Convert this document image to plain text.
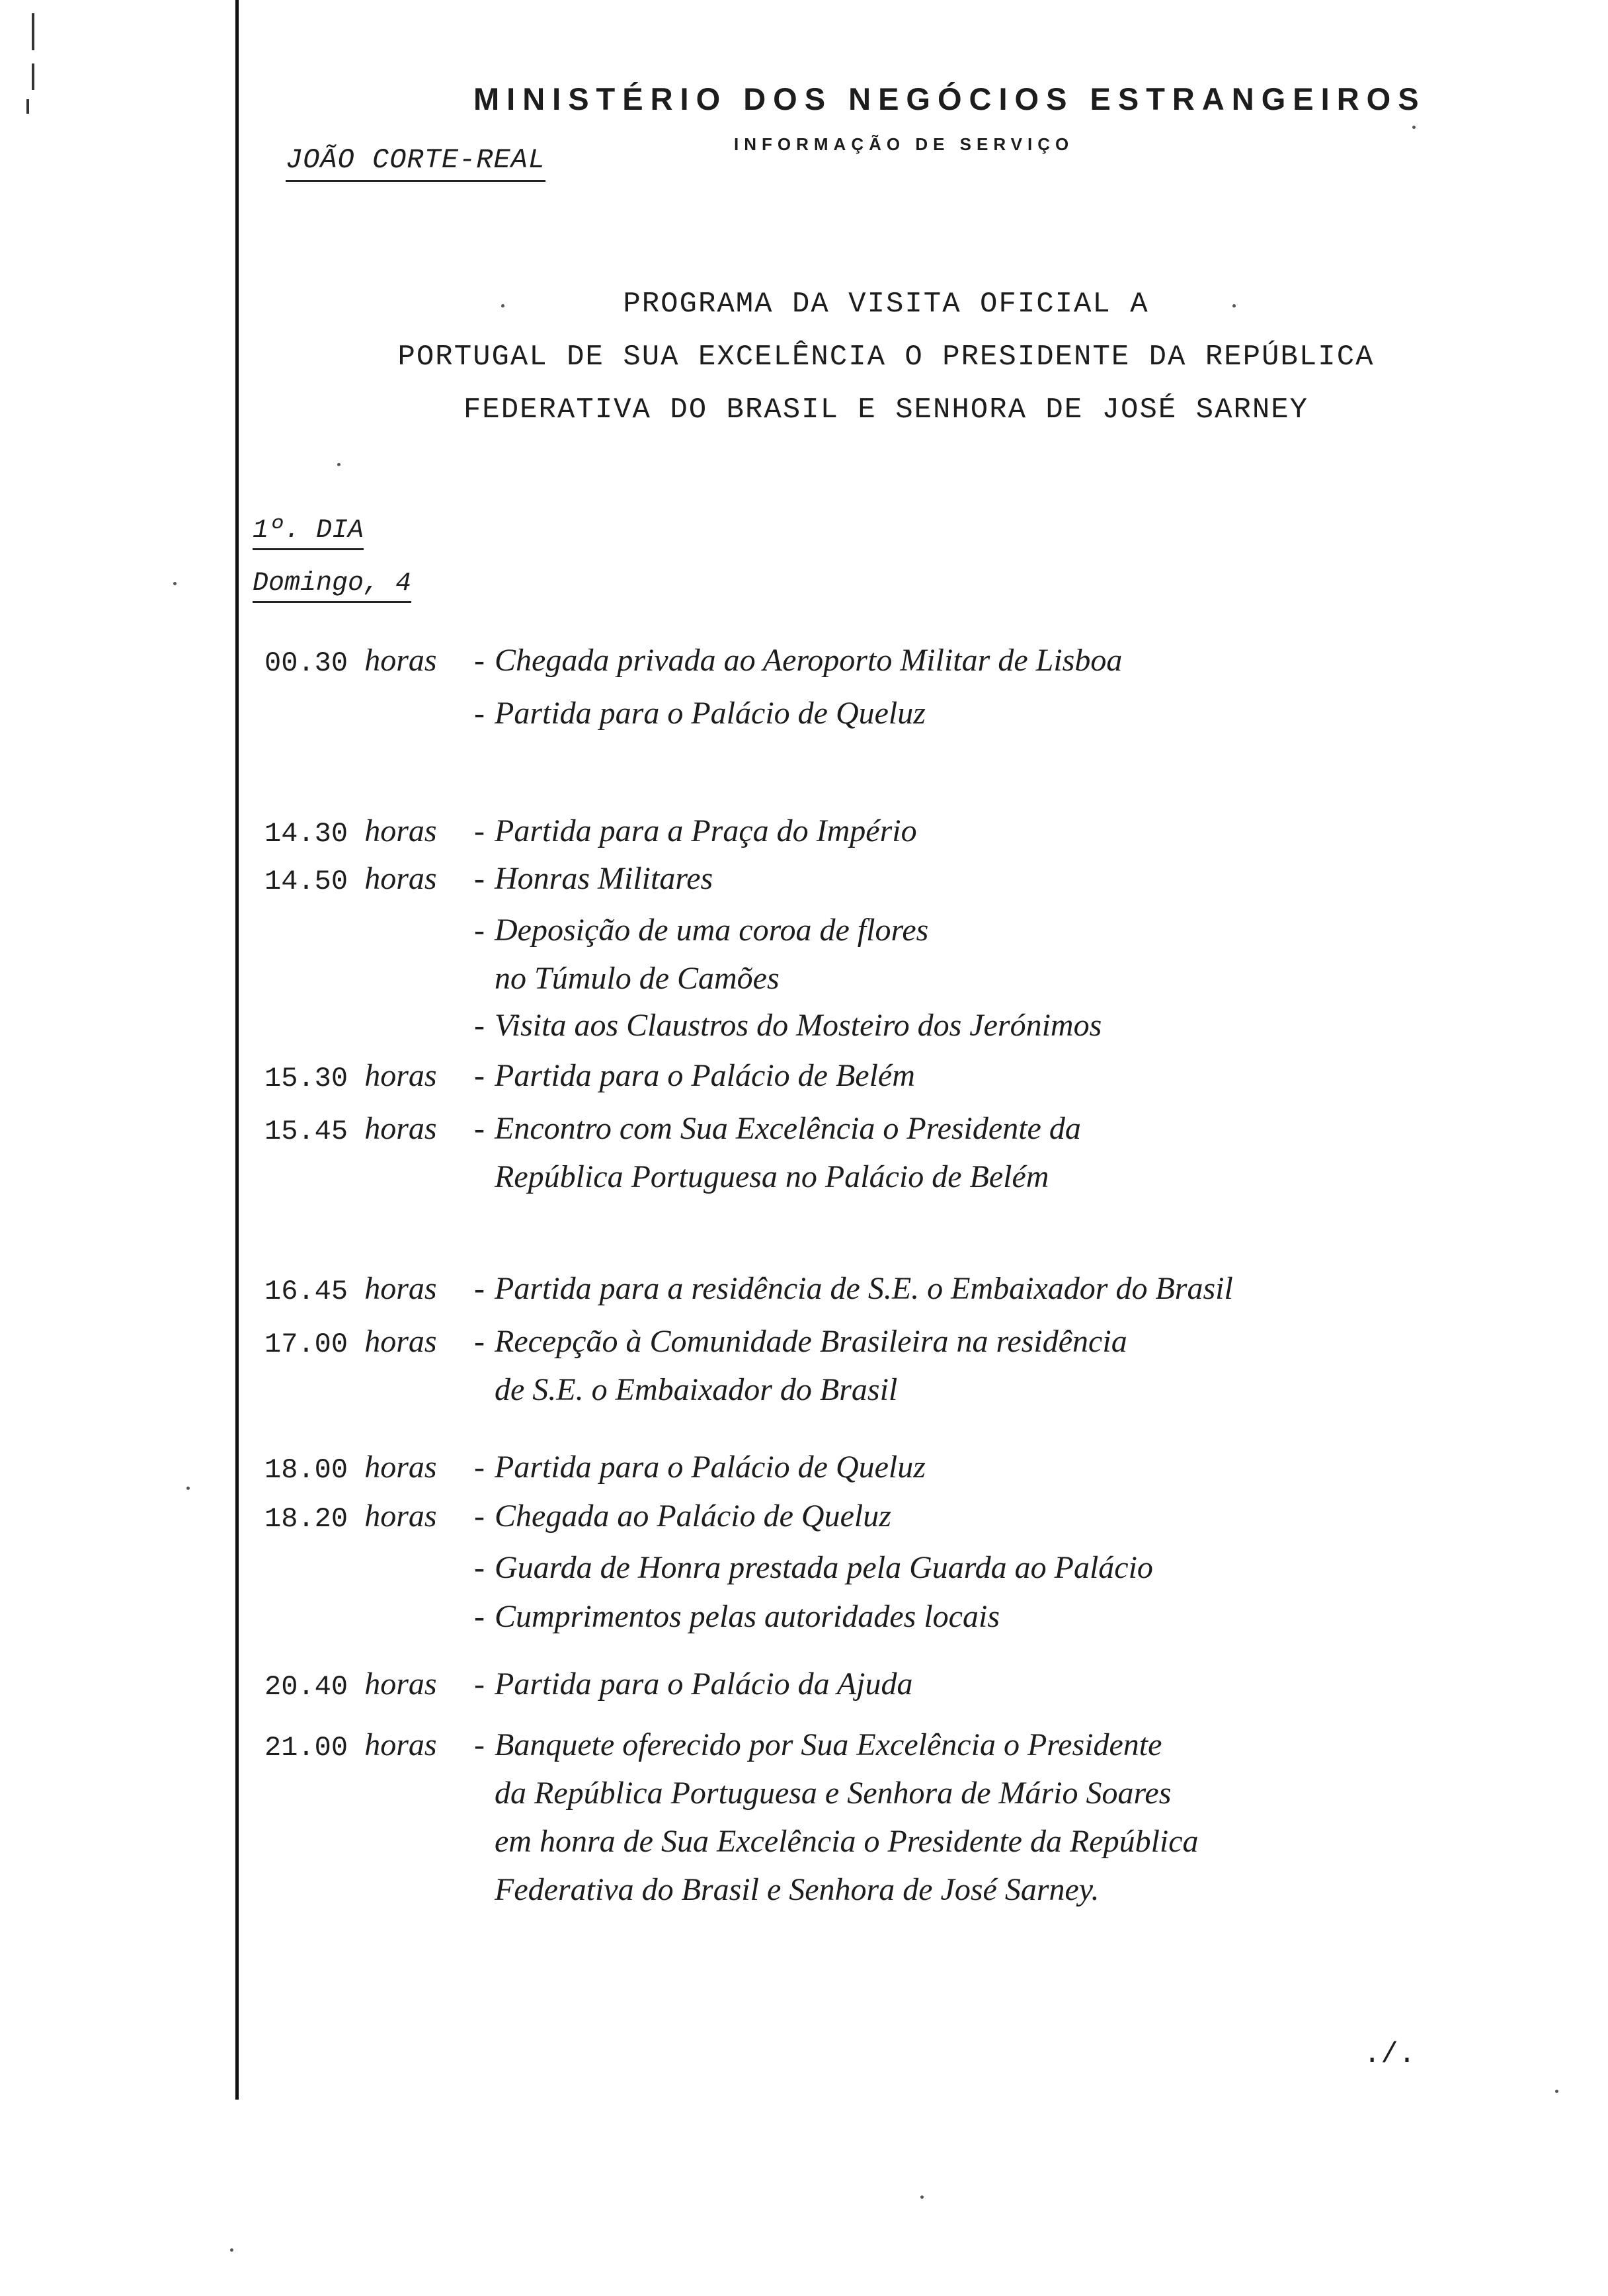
MINISTÉRIO DOS NEGÓCIOS ESTRANGEIROS
INFORMAÇÃO DE SERVIÇO
JOÃO CORTE-REAL
PROGRAMA DA VISITA OFICIAL A
PORTUGAL DE SUA EXCELÊNCIA O PRESIDENTE DA REPÚBLICA
FEDERATIVA DO BRASIL E SENHORA DE JOSÉ SARNEY
1º. DIA
Domingo, 4
00.30 horas	- Chegada privada ao Aeroporto Militar de Lisboa
- Partida para o Palácio de Queluz
14.30 horas	- Partida para a Praça do Império
14.50 horas	- Honras Militares
- Deposição de uma coroa de flores
no Túmulo de Camões
- Visita aos Claustros do Mosteiro dos Jerónimos
15.30 horas	- Partida para o Palácio de Belém
15.45 horas	- Encontro com Sua Excelência o Presidente da
República Portuguesa no Palácio de Belém
16.45 horas	- Partida para a residência de S.E. o Embaixador do Brasil
17.00 horas	- Recepção à Comunidade Brasileira na residência
de S.E. o Embaixador do Brasil
18.00 horas	- Partida para o Palácio de Queluz
18.20 horas	- Chegada ao Palácio de Queluz
- Guarda de Honra prestada pela Guarda ao Palácio
- Cumprimentos pelas autoridades locais
20.40 horas	- Partida para o Palácio da Ajuda
21.00 horas	- Banquete oferecido por Sua Excelência o Presidente
da República Portuguesa e Senhora de Mário Soares
em honra de Sua Excelência o Presidente da República
Federativa do Brasil e Senhora de José Sarney.
./.
